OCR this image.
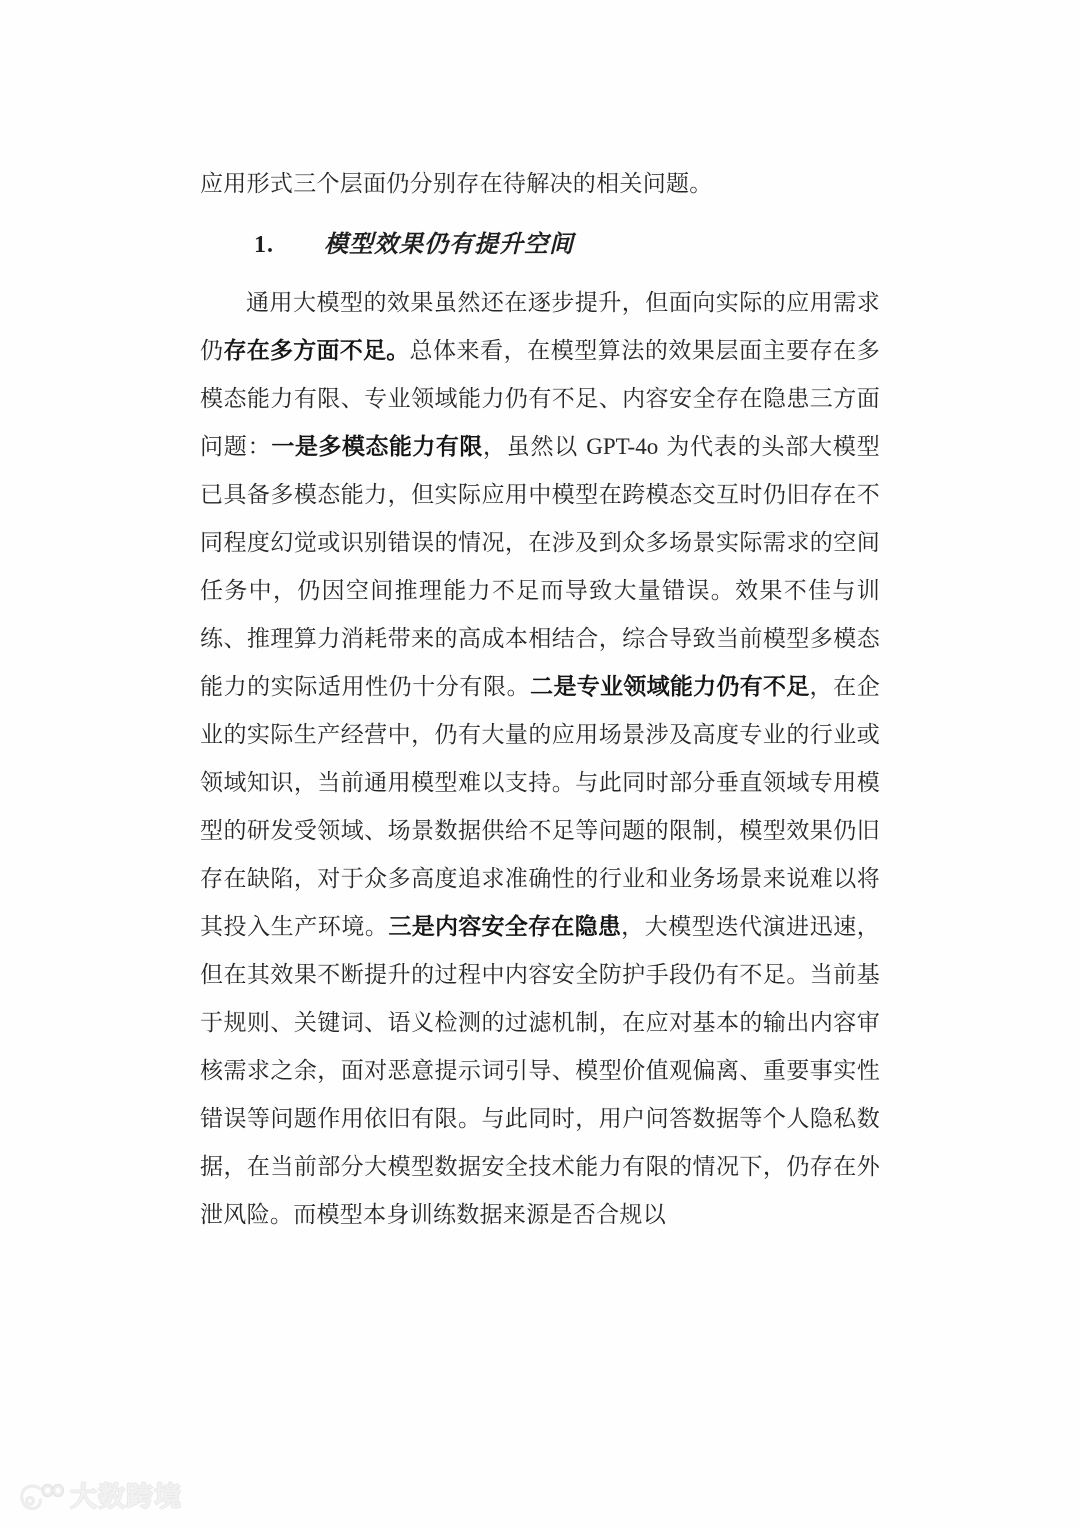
应用形式三个层面仍分别存在待解决的相关问题。

1.　　 模型效果仍有提升空间

通用大模型的效果虽然还在逐步提升，但面向实际的应用需求仍存在多方面不足。总体来看，在模型算法的效果层面主要存在多模态能力有限、专业领域能力仍有不足、内容安全存在隐患三方面问题：一是多模态能力有限，虽然以 GPT-4o 为代表的头部大模型已具备多模态能力，但实际应用中模型在跨模态交互时仍旧存在不同程度幻觉或识别错误的情况，在涉及到众多场景实际需求的空间任务中，仍因空间推理能力不足而导致大量错误。效果不佳与训练、推理算力消耗带来的高成本相结合，综合导致当前模型多模态能力的实际适用性仍十分有限。二是专业领域能力仍有不足，在企业的实际生产经营中，仍有大量的应用场景涉及高度专业的行业或领域知识，当前通用模型难以支持。与此同时部分垂直领域专用模型的研发受领域、场景数据供给不足等问题的限制，模型效果仍旧存在缺陷，对于众多高度追求准确性的行业和业务场景来说难以将其投入生产环境。三是内容安全存在隐患，大模型迭代演进迅速，但在其效果不断提升的过程中内容安全防护手段仍有不足。当前基于规则、关键词、语义检测的过滤机制，在应对基本的输出内容审核需求之余，面对恶意提示词引导、模型价值观偏离、重要事实性错误等问题作用依旧有限。与此同时，用户问答数据等个人隐私数据，在当前部分大模型数据安全技术能力有限的情况下，仍存在外泄风险。而模型本身训练数据来源是否合规以

大数跨境
